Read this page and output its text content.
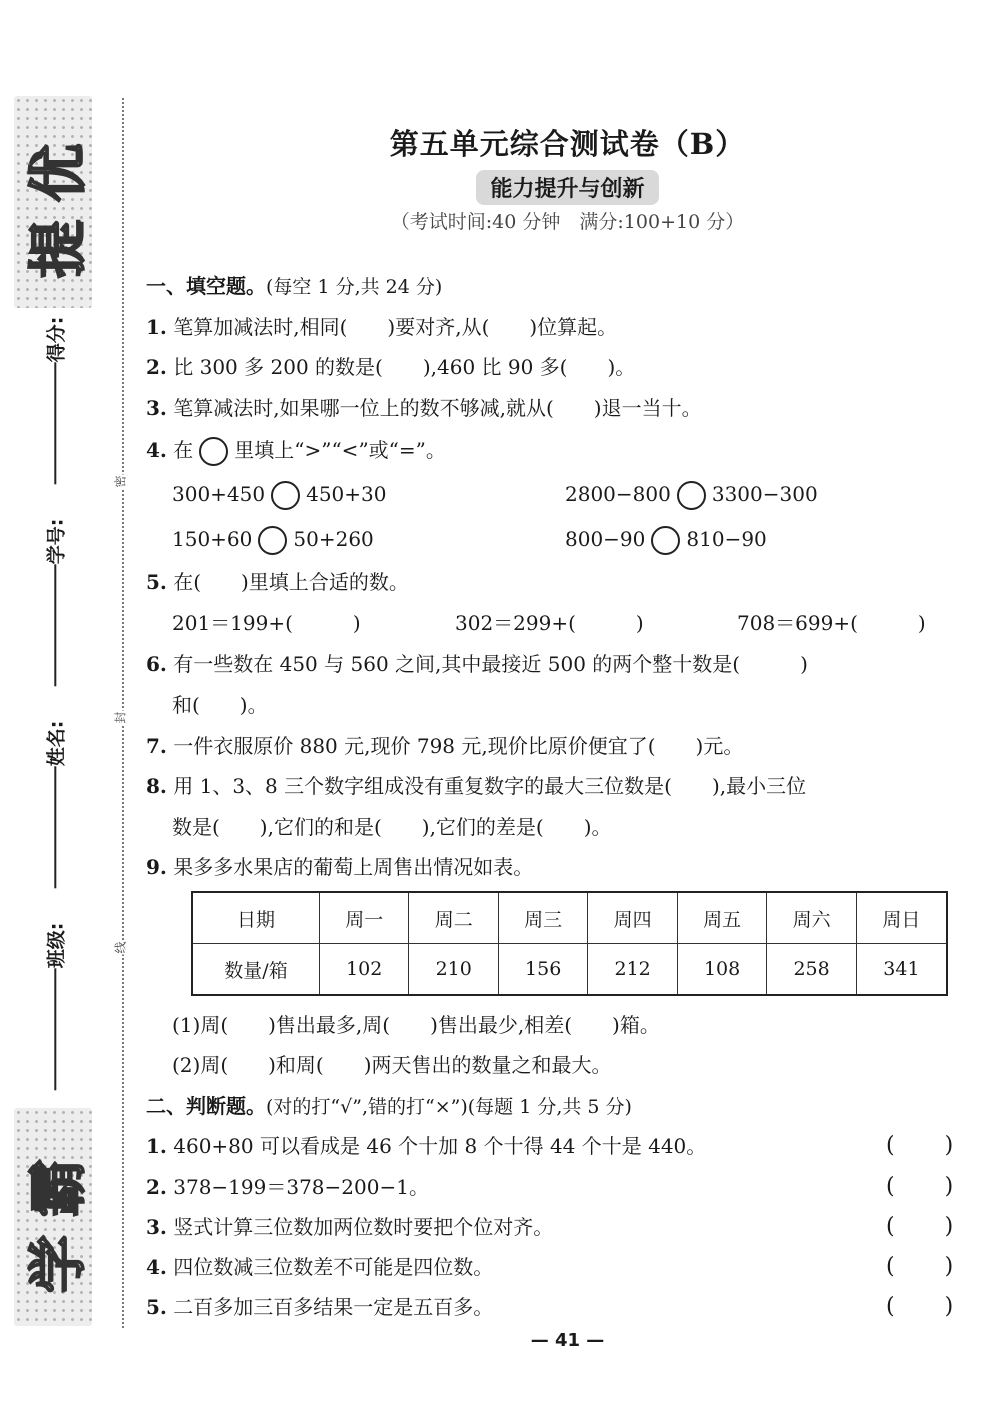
提优
得分:
学号:
姓名:
班级:
学霸
密
封
线
第五单元综合测试卷（B）
能力提升与创新
（考试时间:40 分钟　满分:100+10 分）
一、填空题。(每空 1 分,共 24 分)
1. 笔算加减法时,相同(　　)要对齐,从(　　)位算起。
2. 比 300 多 200 的数是(　　),460 比 90 多(　　)。
3. 笔算减法时,如果哪一位上的数不够减,就从(　　)退一当十。
4. 在 里填上“>”“<”或“=”。
300+450 450+30	2800−800 3300−300
150+60 50+260	800−90 810−90
5. 在(　　)里填上合适的数。
201＝199+(　　　)	302＝299+(　　　)	708＝699+(　　　)
6. 有一些数在 450 与 560 之间,其中最接近 500 的两个整十数是(　　　)
和(　　)。
7. 一件衣服原价 880 元,现价 798 元,现价比原价便宜了(　　)元。
8. 用 1、3、8 三个数字组成没有重复数字的最大三位数是(　　),最小三位
数是(　　),它们的和是(　　),它们的差是(　　)。
9. 果多多水果店的葡萄上周售出情况如表。
日期	周一	周二	周三	周四	周五	周六	周日
数量/箱	102	210	156	212	108	258	341
(1)周(　　)售出最多,周(　　)售出最少,相差(　　)箱。
(2)周(　　)和周(　　)两天售出的数量之和最大。
二、判断题。(对的打“√”,错的打“×”)(每题 1 分,共 5 分)
1. 460+80 可以看成是 46 个十加 8 个十得 44 个十是 440。	(　　)
2. 378−199＝378−200−1。	(　　)
3. 竖式计算三位数加两位数时要把个位对齐。	(　　)
4. 四位数减三位数差不可能是四位数。	(　　)
5. 二百多加三百多结果一定是五百多。	(　　)
— 41 —
